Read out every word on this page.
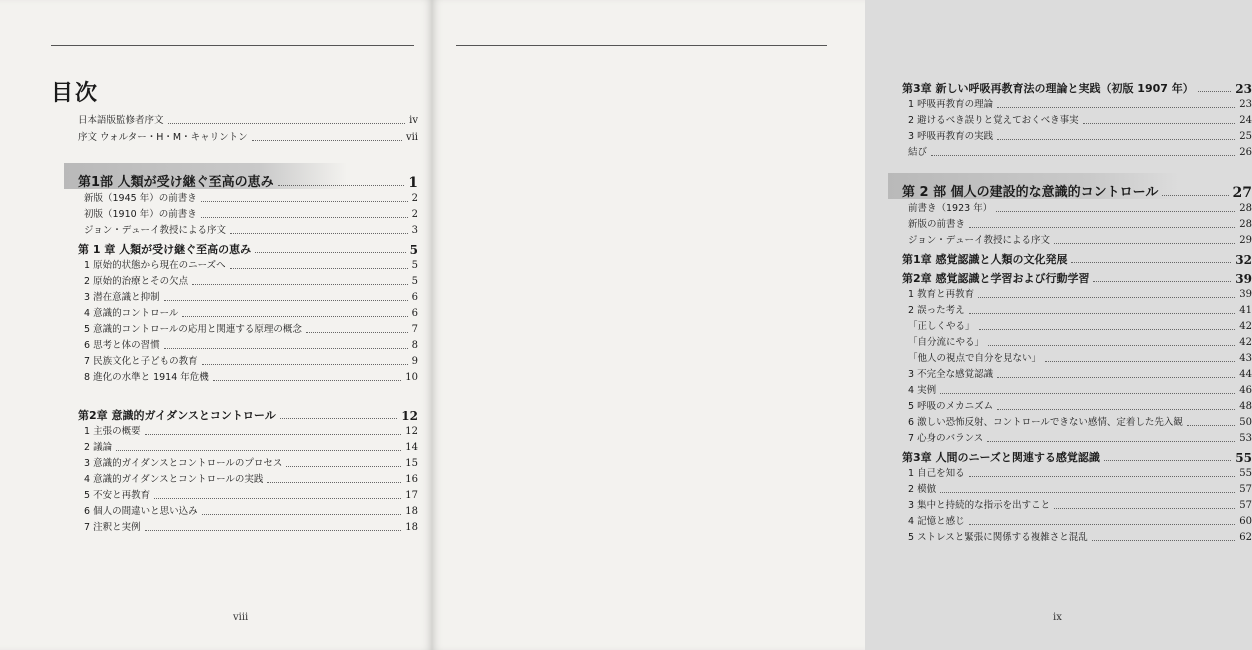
目次
日本語版監修者序文	iv
序文 ウォルター・H・M・キャリントン	vii
第1部 人類が受け継ぐ至高の恵み	1
新版（1945 年）の前書き	2
初版（1910 年）の前書き	2
ジョン・デューイ教授による序文	3
第 1 章 人類が受け継ぐ至高の恵み	5
1 原始的状態から現在のニーズへ	5
2 原始的治療とその欠点	5
3 潜在意識と抑制	6
4 意識的コントロール	6
5 意識的コントロールの応用と関連する原理の概念	7
6 思考と体の習慣	8
7 民族文化と子どもの教育	9
8 進化の水準と 1914 年危機	10
第2章 意識的ガイダンスとコントロール	12
1 主張の概要	12
2 議論	14
3 意識的ガイダンスとコントロールのプロセス	15
4 意識的ガイダンスとコントロールの実践	16
5 不安と再教育	17
6 個人の間違いと思い込み	18
7 注釈と実例	18
viii
第3章 新しい呼吸再教育法の理論と実践（初版 1907 年）	23
1 呼吸再教育の理論	23
2 避けるべき誤りと覚えておくべき事実	24
3 呼吸再教育の実践	25
結び	26
第 2 部 個人の建設的な意識的コントロール	27
前書き（1923 年）	28
新版の前書き	28
ジョン・デューイ教授による序文	29
第1章 感覚認識と人類の文化発展	32
第2章 感覚認識と学習および行動学習	39
1 教育と再教育	39
2 誤った考え	41
「正しくやる」	42
「自分流にやる」	42
「他人の視点で自分を見ない」	43
3 不完全な感覚認識	44
4 実例	46
5 呼吸のメカニズム	48
6 激しい恐怖反射、コントロールできない感情、定着した先入観	50
7 心身のバランス	53
第3章 人間のニーズと関連する感覚認識	55
1 自己を知る	55
2 模倣	57
3 集中と持続的な指示を出すこと	57
4 記憶と感じ	60
5 ストレスと緊張に関係する複雑さと混乱	62
ix
